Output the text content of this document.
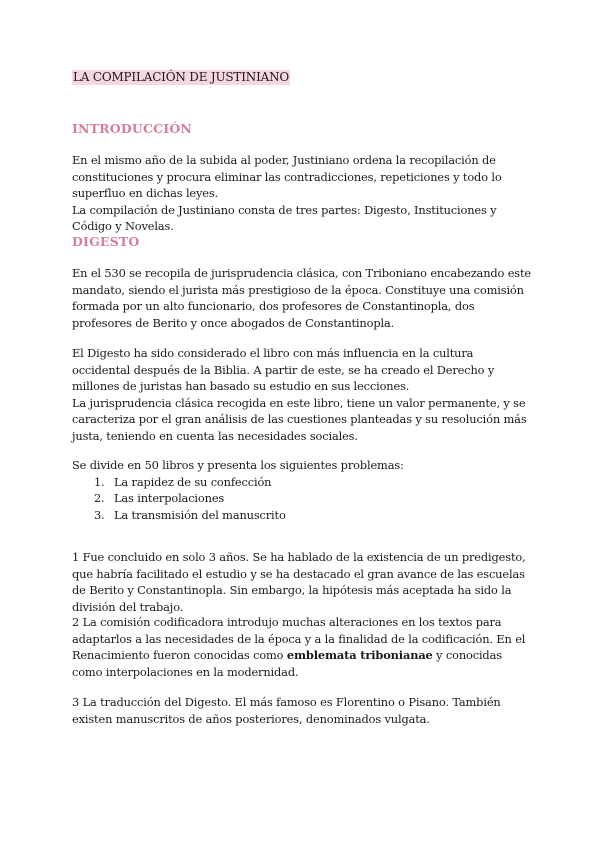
LA COMPILACIÓN DE JUSTINIANO
INTRODUCCIÓN

En el mismo año de la subida al poder, Justiniano ordena la recopilación de constituciones y procura eliminar las contradicciones, repeticiones y todo lo superfluo en dichas leyes.

La compilación de Justiniano consta de tres partes: Digesto, Instituciones y Código y Novelas.

DIGESTO
En el 530 se recopila de jurisprudencia clásica, con Triboniano encabezando este mandato, siendo el jurista más prestigioso de la época. Constituye una comisión formada por un alto funcionario, dos profesores de Constantinopla, dos profesores de Berito y once abogados de Constantinopla.

El Digesto ha sido considerado el libro con más influencia en la cultura occidental después de la Biblia. A partir de este, se ha creado el Derecho y millones de juristas han basado su estudio en sus lecciones.

La jurisprudencia clásica recogida en este libro, tiene un valor permanente, y se caracteriza por el gran análisis de las cuestiones planteadas y su resolución más justa, teniendo en cuenta las necesidades sociales.

Se divide en 50 libros y presenta los siguientes problemas:

1. La rapidez de su confección
2. Las interpolaciones
3. La transmisión del manuscrito
1 Fue concluido en solo 3 años. Se ha hablado de la existencia de un predigesto, que habría facilitado el estudio y se ha destacado el gran avance de las escuelas de Berito y Constantinopla. Sin embargo, la hipótesis más aceptada ha sido la división del trabajo.
2 La comisión codificadora introdujo muchas alteraciones en los textos para adaptarlos a las necesidades de la época y a la finalidad de la codificación. En el Renacimiento fueron conocidas como emblemata tribonianae y conocidas como interpolaciones en la modernidad.
3 La traducción del Digesto. El más famoso es Florentino o Pisano. También existen manuscritos de años posteriores, denominados vulgata.
